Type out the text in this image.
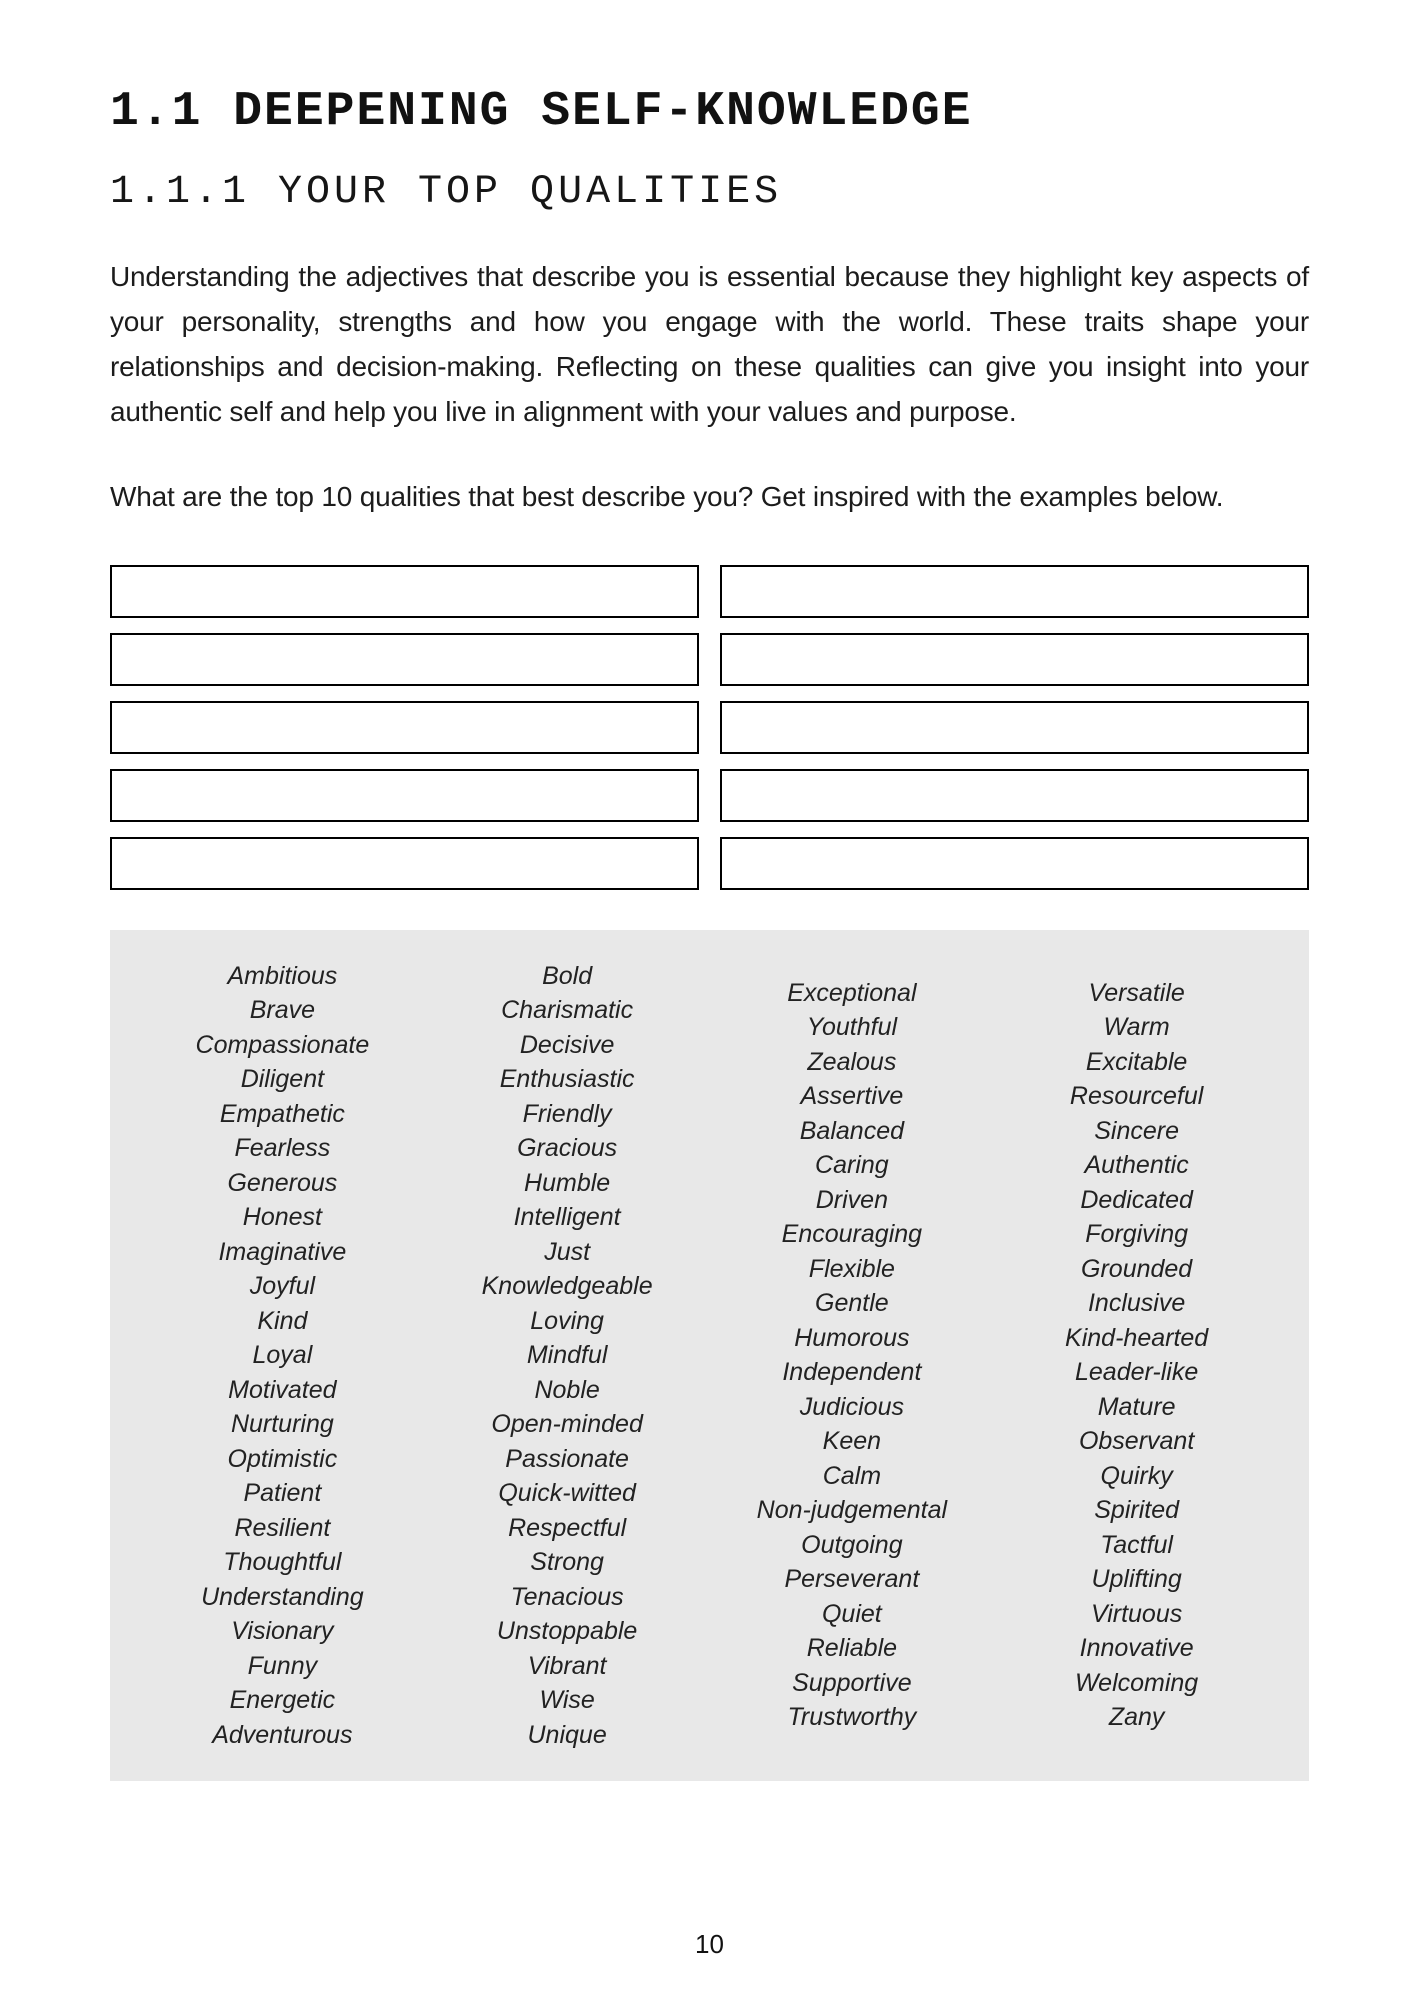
1.1 DEEPENING SELF-KNOWLEDGE
1.1.1 YOUR TOP QUALITIES

Understanding the adjectives that describe you is essential because they highlight key aspects of your personality, strengths and how you engage with the world. These traits shape your relationships and decision-making. Reflecting on these qualities can give you insight into your authentic self and help you live in alignment with your values and purpose.

What are the top 10 qualities that best describe you? Get inspired with the examples below.

Ambitious
Brave
Compassionate
Diligent
Empathetic
Fearless
Generous
Honest
Imaginative
Joyful
Kind
Loyal
Motivated
Nurturing
Optimistic
Patient
Resilient
Thoughtful
Understanding
Visionary
Funny
Energetic
Adventurous
Bold
Charismatic
Decisive
Enthusiastic
Friendly
Gracious
Humble
Intelligent
Just
Knowledgeable
Loving
Mindful
Noble
Open-minded
Passionate
Quick-witted
Respectful
Strong
Tenacious
Unstoppable
Vibrant
Wise
Unique
Exceptional
Youthful
Zealous
Assertive
Balanced
Caring
Driven
Encouraging
Flexible
Gentle
Humorous
Independent
Judicious
Keen
Calm
Non-judgemental
Outgoing
Perseverant
Quiet
Reliable
Supportive
Trustworthy
Versatile
Warm
Excitable
Resourceful
Sincere
Authentic
Dedicated
Forgiving
Grounded
Inclusive
Kind-hearted
Leader-like
Mature
Observant
Quirky
Spirited
Tactful
Uplifting
Virtuous
Innovative
Welcoming
Zany
10
